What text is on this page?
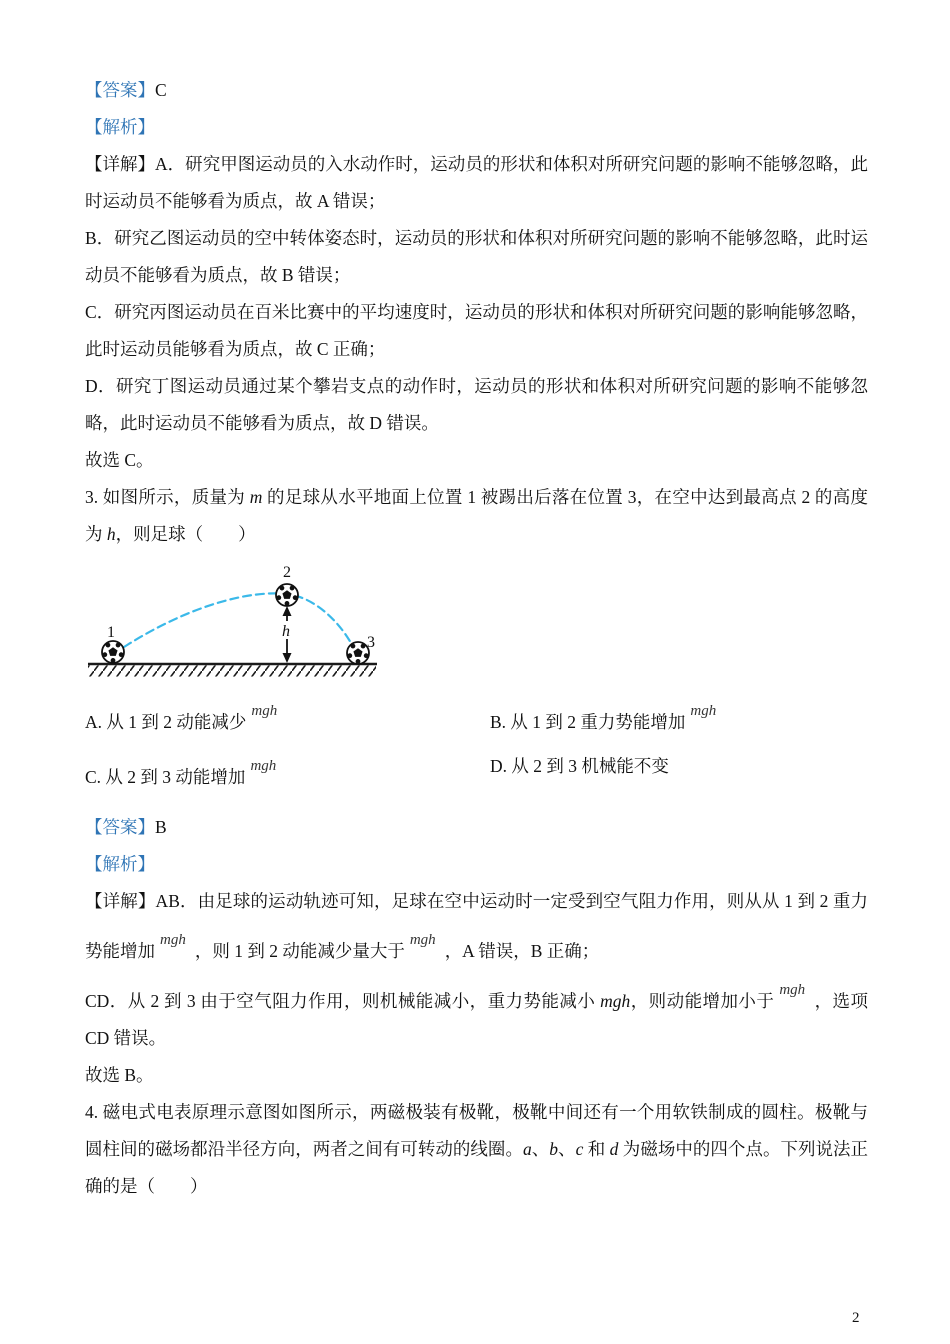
【答案】C

【解析】

【详解】A．研究甲图运动员的入水动作时，运动员的形状和体积对所研究问题的影响不能够忽略，此时运动员不能够看为质点，故 A 错误；

B．研究乙图运动员的空中转体姿态时，运动员的形状和体积对所研究问题的影响不能够忽略，此时运动员不能够看为质点，故 B 错误；

C．研究丙图运动员在百米比赛中的平均速度时，运动员的形状和体积对所研究问题的影响能够忽略，此时运动员能够看为质点，故 C 正确；

D．研究丁图运动员通过某个攀岩支点的动作时，运动员的形状和体积对所研究问题的影响不能够忽略，此时运动员不能够看为质点，故 D 错误。

故选 C。

3. 如图所示，质量为 m 的足球从水平地面上位置 1 被踢出后落在位置 3，在空中达到最高点 2 的高度为 h，则足球（　　）

h
1
2
3

A. 从 1 到 2 动能减少mgh

B. 从 1 到 2 重力势能增加mgh

C. 从 2 到 3 动能增加mgh	D. 从 2 到 3 机械能不变

【答案】B

【解析】

【详解】AB．由足球的运动轨迹可知，足球在空中运动时一定受到空气阻力作用，则从从 1 到 2 重力势能增加mgh，则 1 到 2 动能减少量大于mgh，A 错误，B 正确；

CD．从 2 到 3 由于空气阻力作用，则机械能减小，重力势能减小 mgh，则动能增加小于mgh，选项 CD 错误。

故选 B。

4. 磁电式电表原理示意图如图所示，两磁极装有极靴，极靴中间还有一个用软铁制成的圆柱。极靴与圆柱间的磁场都沿半径方向，两者之间有可转动的线圈。a、b、c 和 d 为磁场中的四个点。下列说法正确的是（　　）

2
